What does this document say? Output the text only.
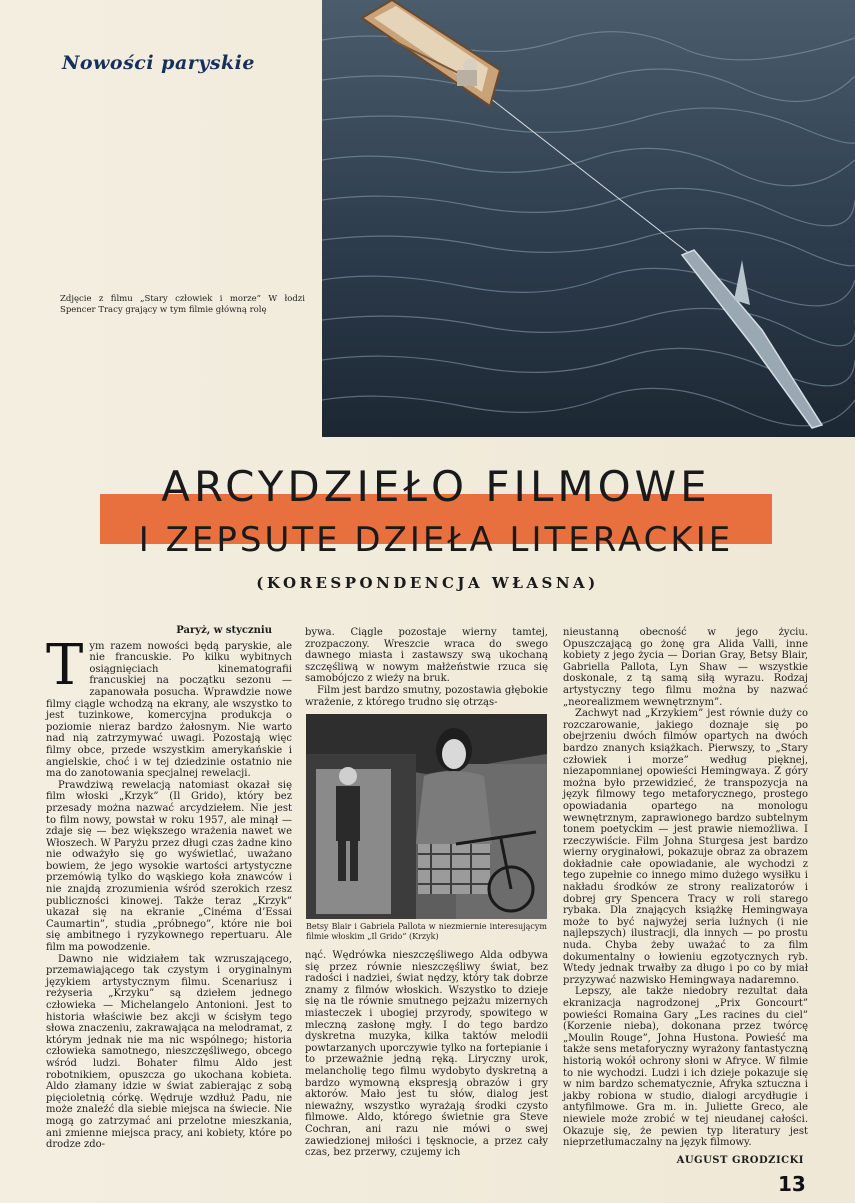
Nowości paryskie
Zdjęcie z filmu „Stary człowiek i morze” W łodzi Spencer Tracy grający w tym filmie główną rolę
ARCYDZIEŁO FILMOWE
I ZEPSUTE DZIEŁA LITERACKIE
(KORESPONDENCJA WŁASNA)
Paryż, w styczniu
T ym razem nowości będą paryskie, ale nie francuskie. Po kilku wybitnych osiągnięciach kinematografii francuskiej na początku sezonu — zapanowała posucha. Wprawdzie nowe filmy ciągle wchodzą na ekrany, ale wszystko to jest tuzinkowe, komercyjna produkcja o poziomie nieraz bardzo żałosnym. Nie warto nad nią zatrzymywać uwagi. Pozostają więc filmy obce, przede wszystkim amerykańskie i angielskie, choć i w tej dziedzinie ostatnio nie ma do zanotowania specjalnej rewelacji.

Prawdziwą rewelacją natomiast okazał się film włoski „Krzyk” (Il Grido), który bez przesady można nazwać arcydziełem. Nie jest to film nowy, powstał w roku 1957, ale minął — zdaje się — bez większego wrażenia nawet we Włoszech. W Paryżu przez długi czas żadne kino nie odważyło się go wyświetlać, uważano bowiem, że jego wysokie wartości artystyczne przemówią tylko do wąskiego koła znawców i nie znajdą zrozumienia wśród szerokich rzesz publiczności kinowej. Także teraz „Krzyk” ukazał się na ekranie „Cinéma d’Essai Caumartin”, studia „próbnego”, które nie boi się ambitnego i ryzykownego repertuaru. Ale film ma powodzenie.

Dawno nie widziałem tak wzruszającego, przemawiającego tak czystym i oryginalnym językiem artystycznym filmu. Scenariusz i reżyseria „Krzyku” są dziełem jednego człowieka — Michelangelo Antonioni. Jest to historia właściwie bez akcji w ścisłym tego słowa znaczeniu, zakrawająca na melodramat, z którym jednak nie ma nic wspólnego; historia człowieka samotnego, nieszczęśliwego, obcego wśród ludzi. Bohater filmu Aldo jest robotnikiem, opuszcza go ukochana kobieta. Aldo złamany idzie w świat zabierając z sobą pięcioletnią córkę. Wędruje wzdłuż Padu, nie może znaleźć dla siebie miejsca na świecie. Nie mogą go zatrzymać ani przelotne mieszkania, ani zmienne miejsca pracy, ani kobiety, które po drodze zdo-

bywa. Ciągle pozostaje wierny tamtej, zrozpaczony. Wreszcie wraca do swego dawnego miasta i zastawszy swą ukochaną szczęśliwą w nowym małżeństwie rzuca się samobójczo z wieży na bruk.

Film jest bardzo smutny, pozostawia głębokie wrażenie, z którego trudno się otrząs-

Betsy Blair i Gabriela Pallota w niezmiernie interesującym filmie włoskim „Il Grido” (Krzyk)

nąć. Wędrówka nieszczęśliwego Alda odbywa się przez równie nieszczęśliwy świat, bez radości i nadziei, świat nędzy, który tak dobrze znamy z filmów włoskich. Wszystko to dzieje się na tle równie smutnego pejzażu mizernych miasteczek i ubogiej przyrody, spowitego w mleczną zasłonę mgły. I do tego bardzo dyskretna muzyka, kilka taktów melodii powtarzanych uporczywie tylko na fortepianie i to przeważnie jedną ręką. Liryczny urok, melancholię tego filmu wydobyto dyskretną a bardzo wymowną ekspresją obrazów i gry aktorów. Mało jest tu słów, dialog jest nieważny, wszystko wyrażają środki czysto filmowe. Aldo, którego świetnie gra Steve Cochran, ani razu nie mówi o swej zawiedzionej miłości i tęsknocie, a przez cały czas, bez przerwy, czujemy ich

nieustanną obecność w jego życiu. Opuszczającą go żonę gra Alida Valli, inne kobiety z jego życia — Dorian Gray, Betsy Blair, Gabriella Pallota, Lyn Shaw — wszystkie doskonale, z tą samą siłą wyrazu. Rodzaj artystyczny tego filmu można by nazwać „neorealizmem wewnętrznym”.

Zachwyt nad „Krzykiem” jest równie duży co rozczarowanie, jakiego doznaje się po obejrzeniu dwóch filmów opartych na dwóch bardzo znanych książkach. Pierwszy, to „Stary człowiek i morze” według pięknej, niezapomnianej opowieści Hemingwaya. Z góry można było przewidzieć, że transpozycja na język filmowy tego metaforycznego, prostego opowiadania opartego na monologu wewnętrznym, zaprawionego bardzo subtelnym tonem poetyckim — jest prawie niemożliwa. I rzeczywiście. Film Johna Sturgesa jest bardzo wierny oryginałowi, pokazuje obraz za obrazem dokładnie całe opowiadanie, ale wychodzi z tego zupełnie co innego mimo dużego wysiłku i nakładu środków ze strony realizatorów i dobrej gry Spencera Tracy w roli starego rybaka. Dla znających książkę Hemingwaya może to być najwyżej seria luźnych (i nie najlepszych) ilustracji, dla innych — po prostu nuda. Chyba żeby uważać to za film dokumentalny o łowieniu egzotycznych ryb. Wtedy jednak trwałby za długo i po co by miał przyzywać nazwisko Hemingwaya nadaremno.

Lepszy, ale także niedobry rezultat dała ekranizacja nagrodzonej „Prix Goncourt” powieści Romaina Gary „Les racines du ciel” (Korzenie nieba), dokonana przez twórcę „Moulin Rouge”, Johna Hustona. Powieść ma także sens metaforyczny wyrażony fantastyczną historią wokół ochrony słoni w Afryce. W filmie to nie wychodzi. Ludzi i ich dzieje pokazuje się w nim bardzo schematycznie, Afryka sztuczna i jakby robiona w studio, dialogi arcydługie i antyfilmowe. Gra m. in. Juliette Greco, ale niewiele może zrobić w tej nieudanej całości. Okazuje się, że pewien typ literatury jest nieprzetłumaczalny na język filmowy.

AUGUST GRODZICKI
13
